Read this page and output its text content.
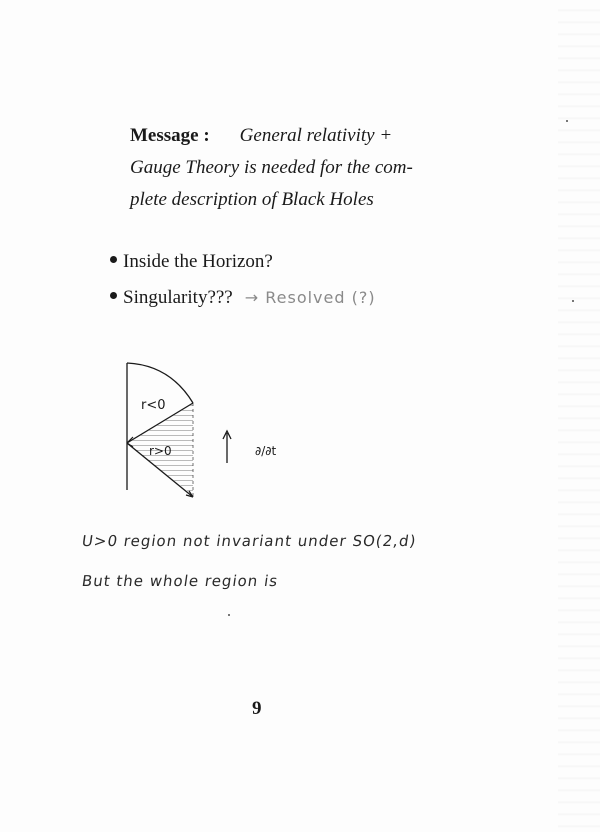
Message : General relativity +
Gauge Theory is needed for the com-
plete description of Black Holes
Inside the Horizon?
Singularity??? → Resolved (?)
r<0
r>0	∂/∂t
U>0 region not invariant under SO(2,d)
But the whole region is
9
